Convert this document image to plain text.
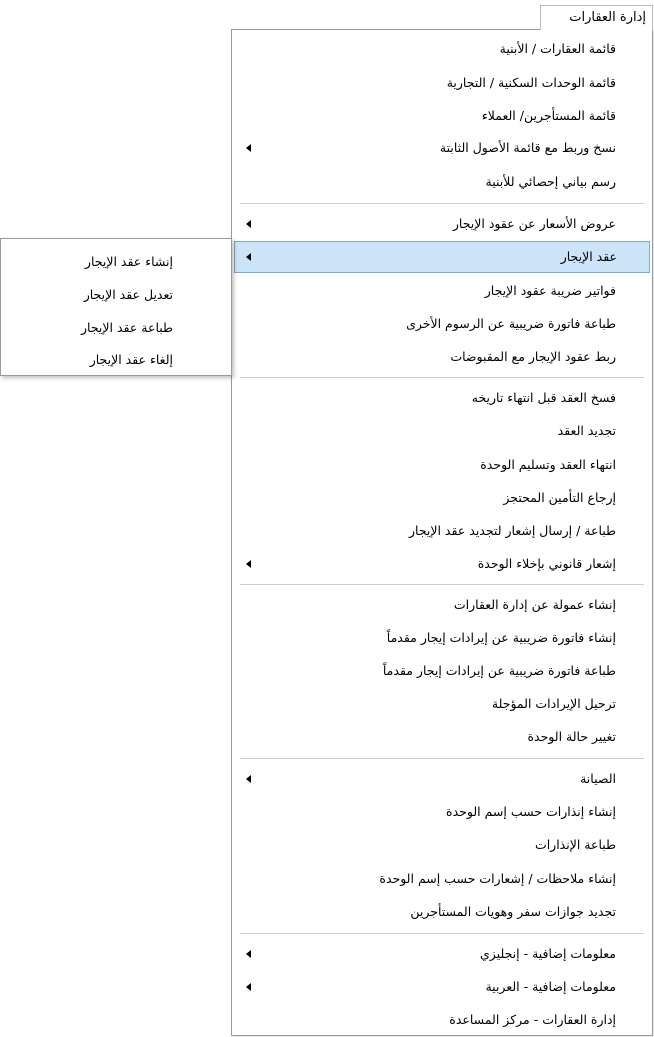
إدارة العقارات
قائمة العقارات / الأبنية
قائمة الوحدات السكنية / التجارية
قائمة المستأجرين/ العملاء
نسخ وربط مع قائمة الأصول الثابتة
رسم بياني إحصائي للأبنية
عروض الأسعار عن عقود الإيجار
عقد الإيجار
فواتير ضريبة عقود الإيجار
طباعة فاتورة ضريبية عن الرسوم الأخرى
ربط عقود الإيجار مع المقبوضات
فسخ العقد قبل انتهاء تاريخه
تجديد العقد
انتهاء العقد وتسليم الوحدة
إرجاع التأمين المحتجز
طباعة / إرسال إشعار لتجديد عقد الإيجار
إشعار قانوني بإخلاء الوحدة
إنشاء عمولة عن إدارة العقارات
إنشاء فاتورة ضريبية عن إيرادات إيجار مقدماً
طباعة فاتورة ضريبية عن إيرادات إيجار مقدماً
ترحيل الإيرادات المؤجلة
تغيير حالة الوحدة
الصيانة
إنشاء إنذارات حسب إسم الوحدة
طباعة الإنذارات
إنشاء ملاحظات / إشعارات حسب إسم الوحدة
تجديد جوازات سفر وهويات المستأجرين
معلومات إضافية - إنجليزي
معلومات إضافية - العربية
إدارة العقارات - مركز المساعدة
إنشاء عقد الإيجار
تعديل عقد الإيجار
طباعة عقد الإيجار
إلغاء عقد الإيجار
